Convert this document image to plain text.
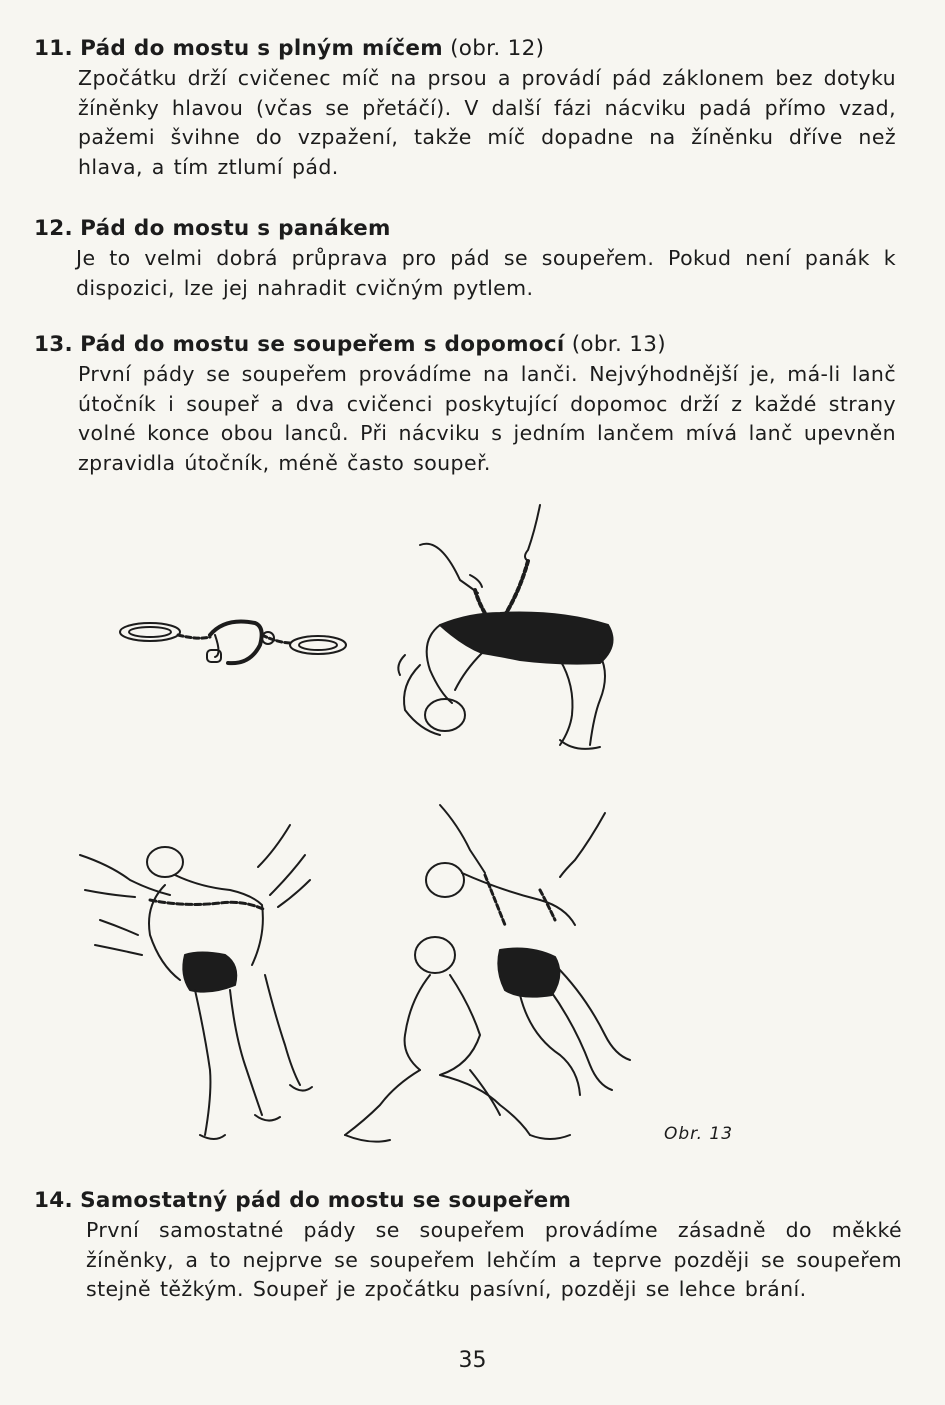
11. Pád do mostu s plným míčem (obr. 12)
Zpočátku drží cvičenec míč na prsou a provádí pád záklonem bez dotyku žíněnky hlavou (včas se přetáčí). V další fázi nácviku padá přímo vzad, pažemi švihne do vzpažení, takže míč dopadne na žíněnku dříve než hlava, a tím ztlumí pád.
12. Pád do mostu s panákem
Je to velmi dobrá průprava pro pád se soupeřem. Pokud není panák k dispozici, lze jej nahradit cvičným pytlem.
13. Pád do mostu se soupeřem s dopomocí (obr. 13)
První pády se soupeřem provádíme na lanči. Nejvýhodnější je, má-li lanč útočník i soupeř a dva cvičenci poskytující dopomoc drží z každé strany volné konce obou lanců. Při nácviku s jedním lančem mívá lanč upevněn zpravidla útočník, méně často soupeř.
Obr. 13
14. Samostatný pád do mostu se soupeřem
První samostatné pády se soupeřem provádíme zásadně do měkké žíněnky, a to nejprve se soupeřem lehčím a teprve později se soupeřem stejně těžkým. Soupeř je zpočátku pasívní, později se lehce brání.
35
